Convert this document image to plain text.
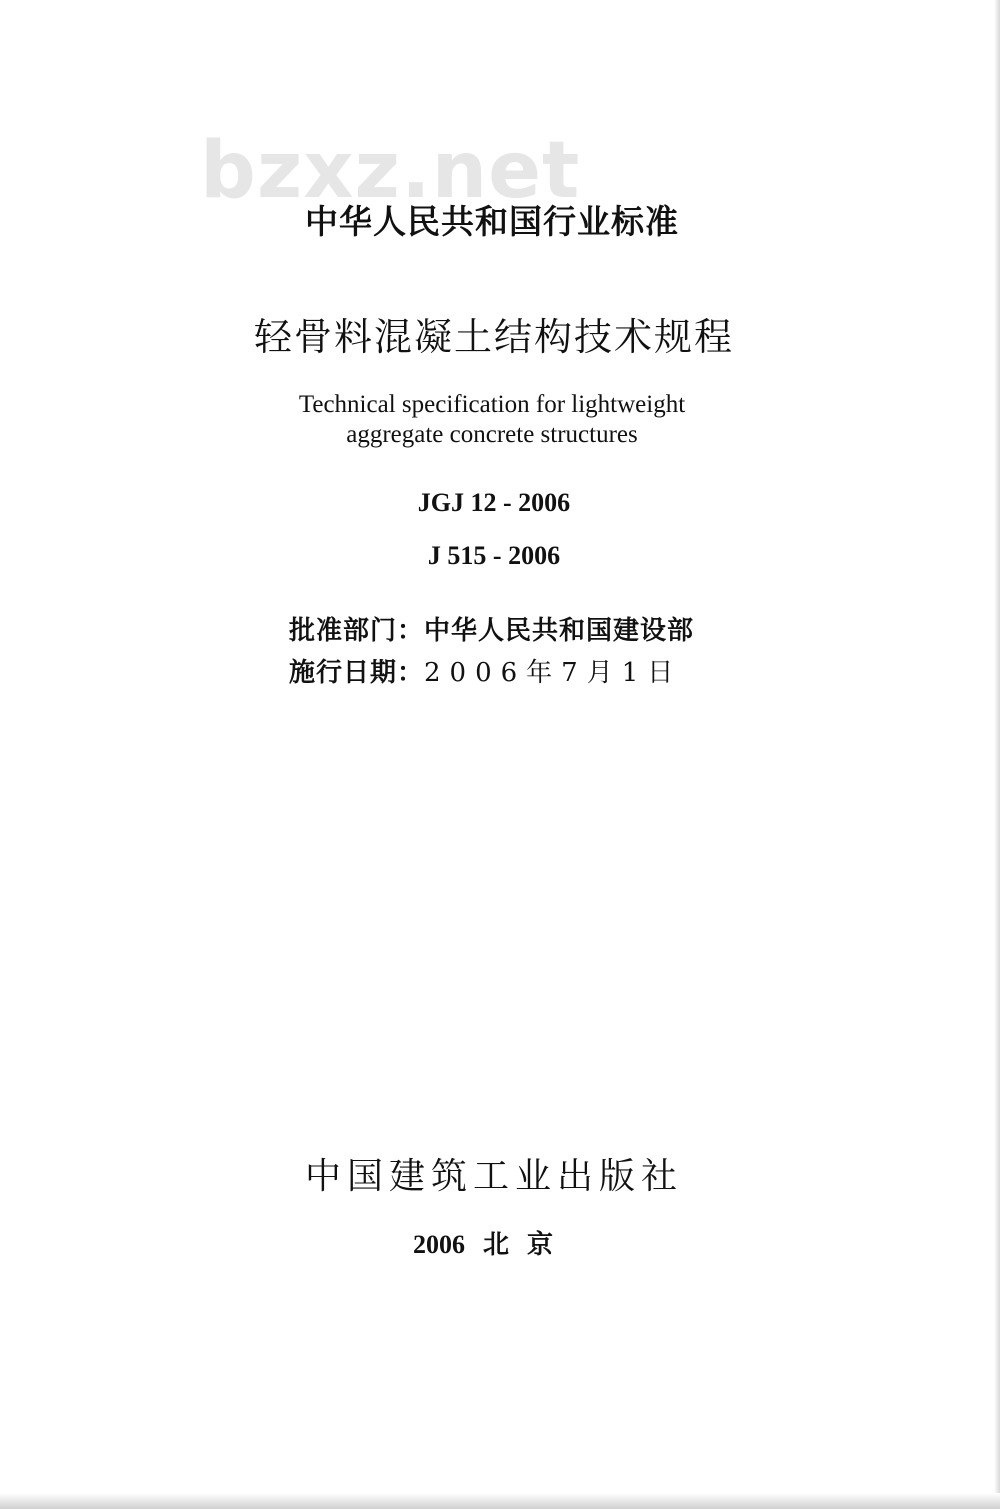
bzxz.net
中华人民共和国行业标准
轻骨料混凝土结构技术规程
Technical specification for lightweight
aggregate concrete structures
JGJ 12 - 2006
J 515 - 2006
批准部门：中华人民共和国建设部
施行日期：2006年7月1日
中国建筑工业出版社
2006 北京
